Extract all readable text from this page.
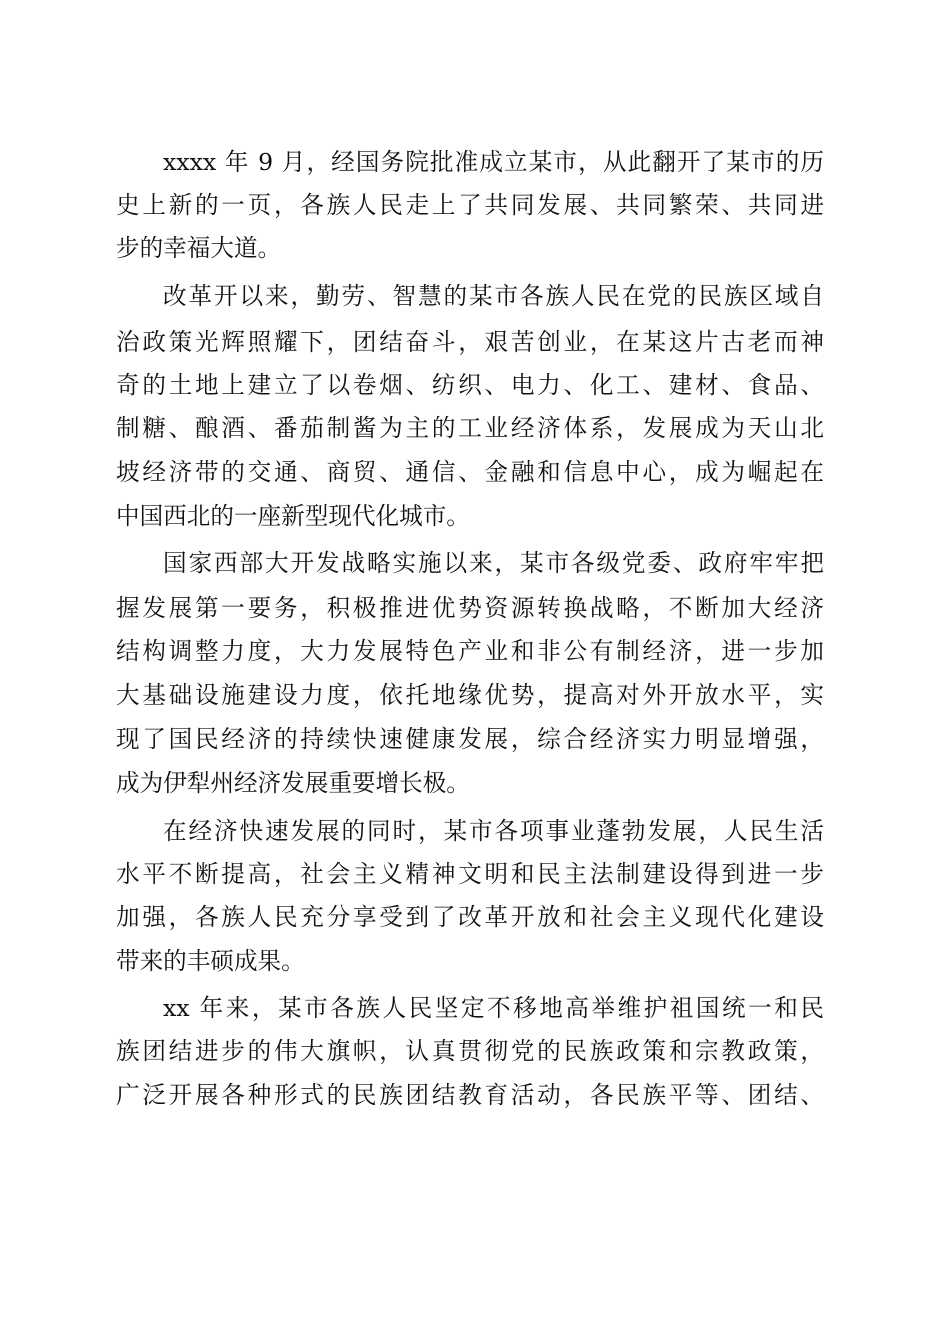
xxxx 年 9 月，经国务院批准成立某市，从此翻开了某市的历

史上新的一页，各族人民走上了共同发展、共同繁荣、共同进

步的幸福大道。

改革开以来，勤劳、智慧的某市各族人民在党的民族区域自

治政策光辉照耀下，团结奋斗，艰苦创业，在某这片古老而神

奇的土地上建立了以卷烟、纺织、电力、化工、建材、食品、

制糖、酿酒、番茄制酱为主的工业经济体系，发展成为天山北

坡经济带的交通、商贸、通信、金融和信息中心，成为崛起在

中国西北的一座新型现代化城市。

国家西部大开发战略实施以来，某市各级党委、政府牢牢把

握发展第一要务，积极推进优势资源转换战略，不断加大经济

结构调整力度，大力发展特色产业和非公有制经济，进一步加

大基础设施建设力度，依托地缘优势，提高对外开放水平，实

现了国民经济的持续快速健康发展，综合经济实力明显增强，

成为伊犁州经济发展重要增长极。

在经济快速发展的同时，某市各项事业蓬勃发展，人民生活

水平不断提高，社会主义精神文明和民主法制建设得到进一步

加强，各族人民充分享受到了改革开放和社会主义现代化建设

带来的丰硕成果。

xx 年来，某市各族人民坚定不移地高举维护祖国统一和民

族团结进步的伟大旗帜，认真贯彻党的民族政策和宗教政策，

广泛开展各种形式的民族团结教育活动，各民族平等、团结、
